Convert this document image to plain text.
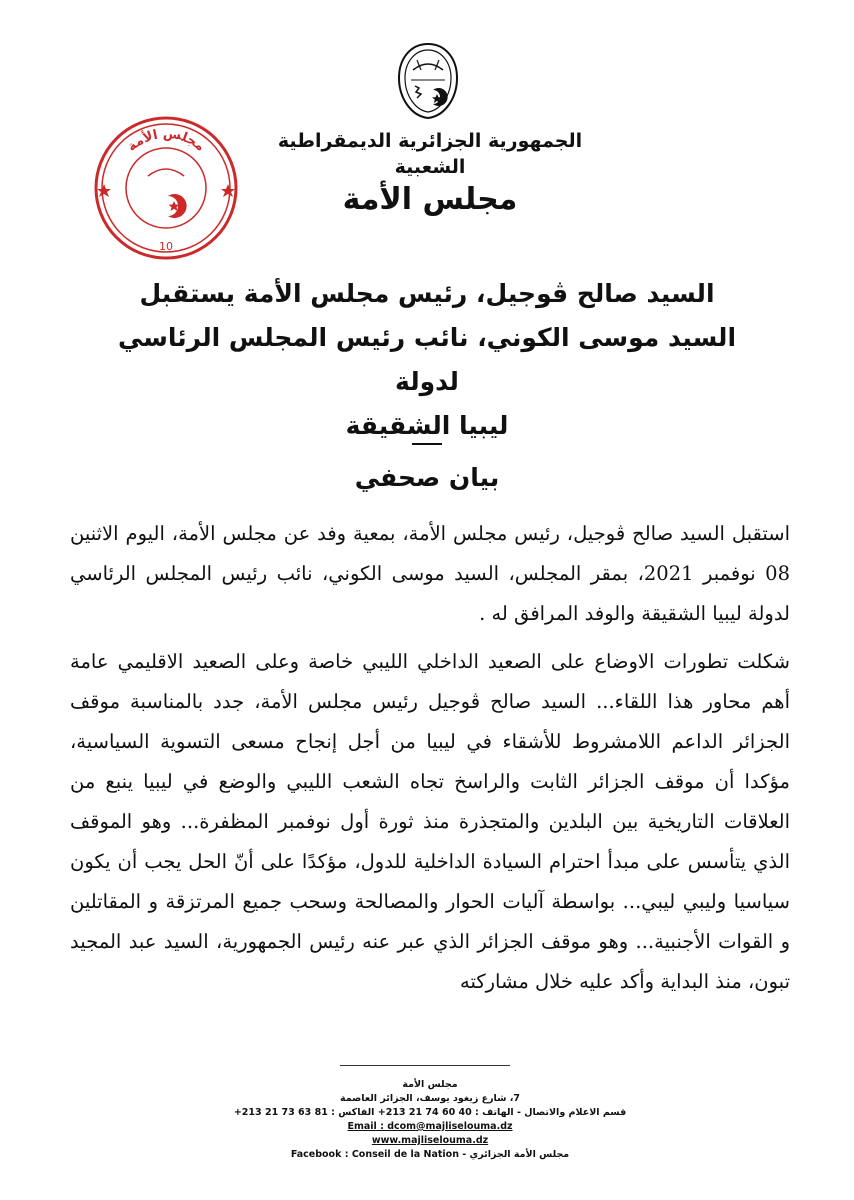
الجمهورية الجزائرية الديمقراطية الشعبية

مجلس الأمة

مجلس الأمة
10
السيد صالح ڤوجيل، رئيس مجلس الأمة يستقبل
السيد موسى الكوني، نائب رئيس المجلس الرئاسي لدولة
ليبيا الشقيقة
بيان صحفي

استقبل السيد صالح ڤوجيل، رئيس مجلس الأمة، بمعية وفد عن مجلس الأمة، اليوم الاثنين 08 نوفمبر 2021، بمقر المجلس، السيد موسى الكوني، نائب رئيس المجلس الرئاسي لدولة ليبيا الشقيقة والوفد المرافق له .

شكلت تطورات الاوضاع على الصعيد الداخلي الليبي خاصة وعلى الصعيد الاقليمي عامة أهم محاور هذا اللقاء... السيد صالح ڤوجيل رئيس مجلس الأمة، جدد بالمناسبة موقف الجزائر الداعم اللامشروط للأشقاء في ليبيا من أجل إنجاح مسعى التسوية السياسية، مؤكدا أن موقف الجزائر الثابت والراسخ تجاه الشعب الليبي والوضع في ليبيا ينبع من العلاقات التاريخية بين البلدين والمتجذرة منذ ثورة أول نوفمبر المظفرة... وهو الموقف الذي يتأسس على مبدأ احترام السيادة الداخلية للدول، مؤكدًا على أنّ الحل يجب أن يكون سياسيا وليبي ليبي... بواسطة آليات الحوار والمصالحة وسحب جميع المرتزقة و المقاتلين و القوات الأجنبية... وهو موقف الجزائر الذي عبر عنه رئيس الجمهورية، السيد عبد المجيد تبون، منذ البداية وأكد عليه خلال مشاركته

مجلس الأمة
7، شارع زيغود يوسف، الجزائر العاصمة
قسم الاعلام والاتصال - الهاتف : 40 60 74 21 213+ الفاكس : 81 63 73 21 213+
Email : dcom@majliselouma.dz
www.majliselouma.dz
Facebook : Conseil de la Nation - مجلس الأمة الجزائري
